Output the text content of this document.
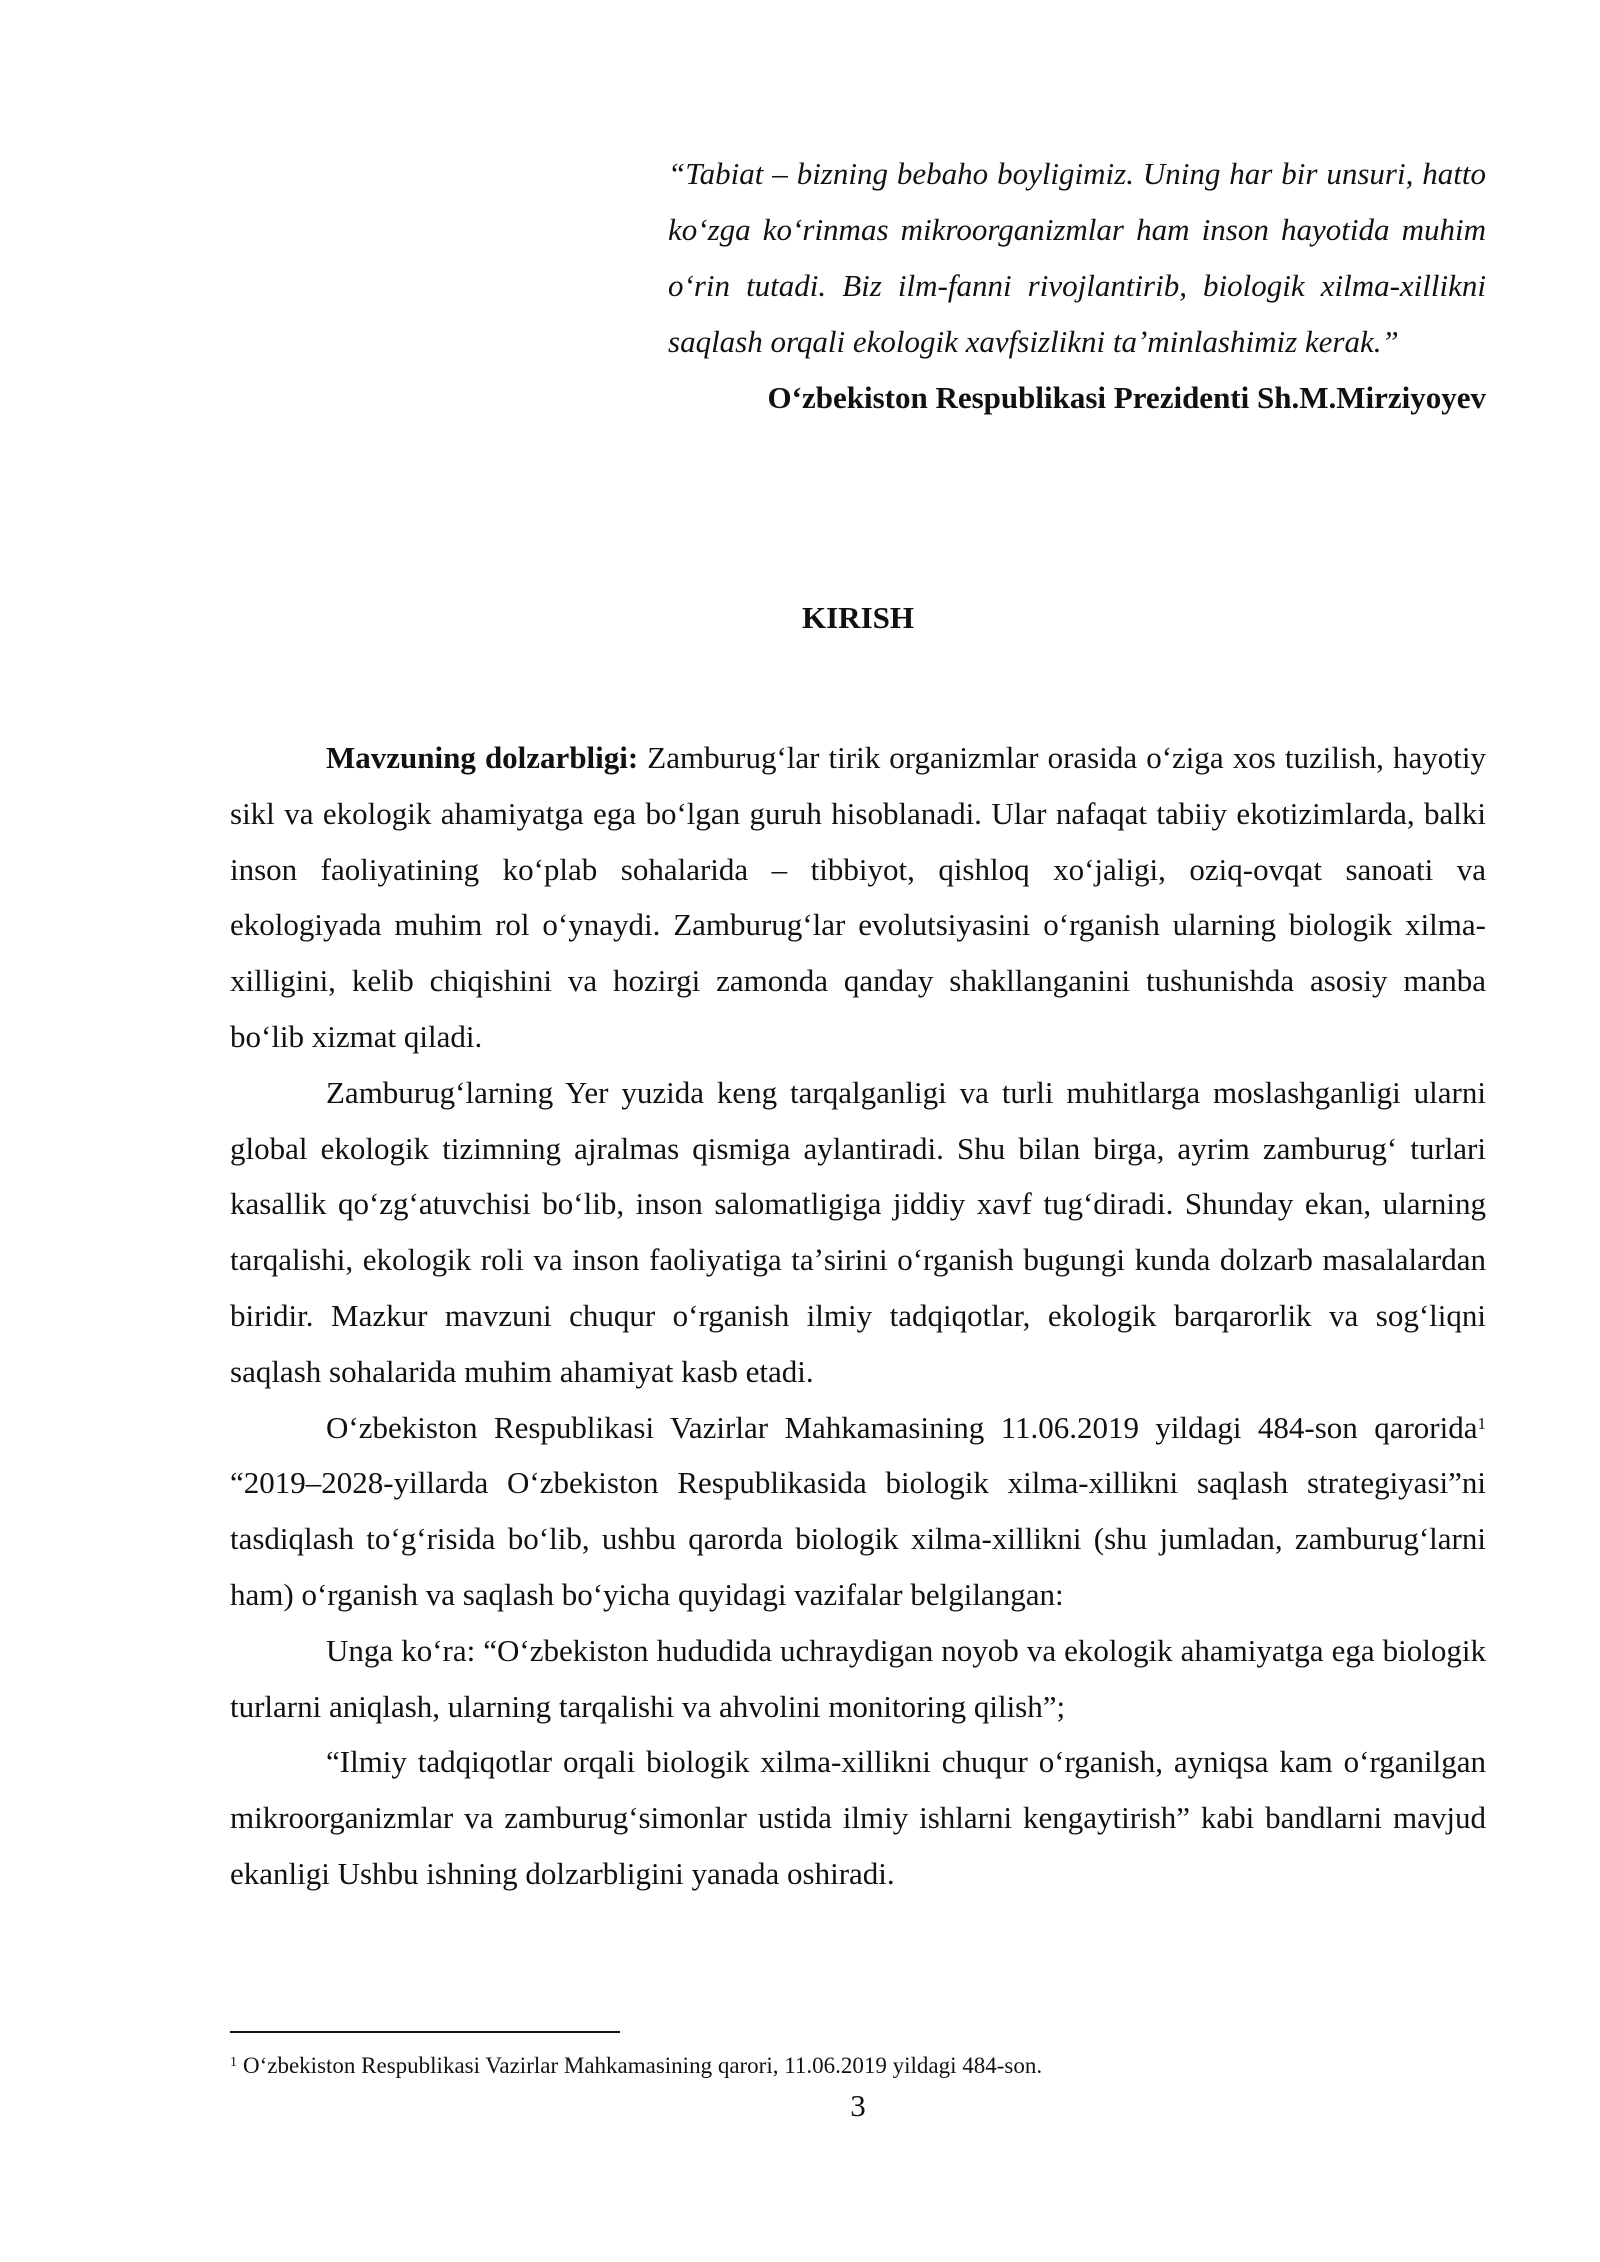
“Tabiat – bizning bebaho boyligimiz. Uning har bir unsuri, hatto koʻzga koʻrinmas mikroorganizmlar ham inson hayotida muhim oʻrin tutadi. Biz ilm-fanni rivojlantirib, biologik xilma-xillikni saqlash orqali ekologik xavfsizlikni taʼminlashimiz kerak.”

Oʻzbekiston Respublikasi Prezidenti Sh.M.Mirziyoyev

KIRISH

Mavzuning dolzarbligi: Zamburugʻlar tirik organizmlar orasida oʻziga xos tuzilish, hayotiy sikl va ekologik ahamiyatga ega boʻlgan guruh hisoblanadi. Ular nafaqat tabiiy ekotizimlarda, balki inson faoliyatining koʻplab sohalarida – tibbiyot, qishloq xoʻjaligi, oziq-ovqat sanoati va ekologiyada muhim rol oʻynaydi. Zamburugʻlar evolutsiyasini oʻrganish ularning biologik xilma-xilligini, kelib chiqishini va hozirgi zamonda qanday shakllanganini tushunishda asosiy manba boʻlib xizmat qiladi.

Zamburugʻlarning Yer yuzida keng tarqalganligi va turli muhitlarga moslashganligi ularni global ekologik tizimning ajralmas qismiga aylantiradi. Shu bilan birga, ayrim zamburugʻ turlari kasallik qoʻzgʻatuvchisi boʻlib, inson salomatligiga jiddiy xavf tugʻdiradi. Shunday ekan, ularning tarqalishi, ekologik roli va inson faoliyatiga taʼsirini oʻrganish bugungi kunda dolzarb masalalardan biridir. Mazkur mavzuni chuqur oʻrganish ilmiy tadqiqotlar, ekologik barqarorlik va sogʻliqni saqlash sohalarida muhim ahamiyat kasb etadi.

Oʻzbekiston Respublikasi Vazirlar Mahkamasining 11.06.2019 yildagi 484-son qarorida$^1$ “2019–2028-yillarda Oʻzbekiston Respublikasida biologik xilma-xillikni saqlash strategiyasi”ni tasdiqlash toʻgʻrisida boʻlib, ushbu qarorda biologik xilma-xillikni (shu jumladan, zamburugʻlarni ham) oʻrganish va saqlash boʻyicha quyidagi vazifalar belgilangan:

Unga koʻra: “Oʻzbekiston hududida uchraydigan noyob va ekologik ahamiyatga ega biologik turlarni aniqlash, ularning tarqalishi va ahvolini monitoring qilish”;

“Ilmiy tadqiqotlar orqali biologik xilma-xillikni chuqur oʻrganish, ayniqsa kam oʻrganilgan mikroorganizmlar va zamburugʻsimonlar ustida ilmiy ishlarni kengaytirish” kabi bandlarni mavjud ekanligi Ushbu ishning dolzarbligini yanada oshiradi.

$^1$ Oʻzbekiston Respublikasi Vazirlar Mahkamasining qarori, 11.06.2019 yildagi 484-son.

3
